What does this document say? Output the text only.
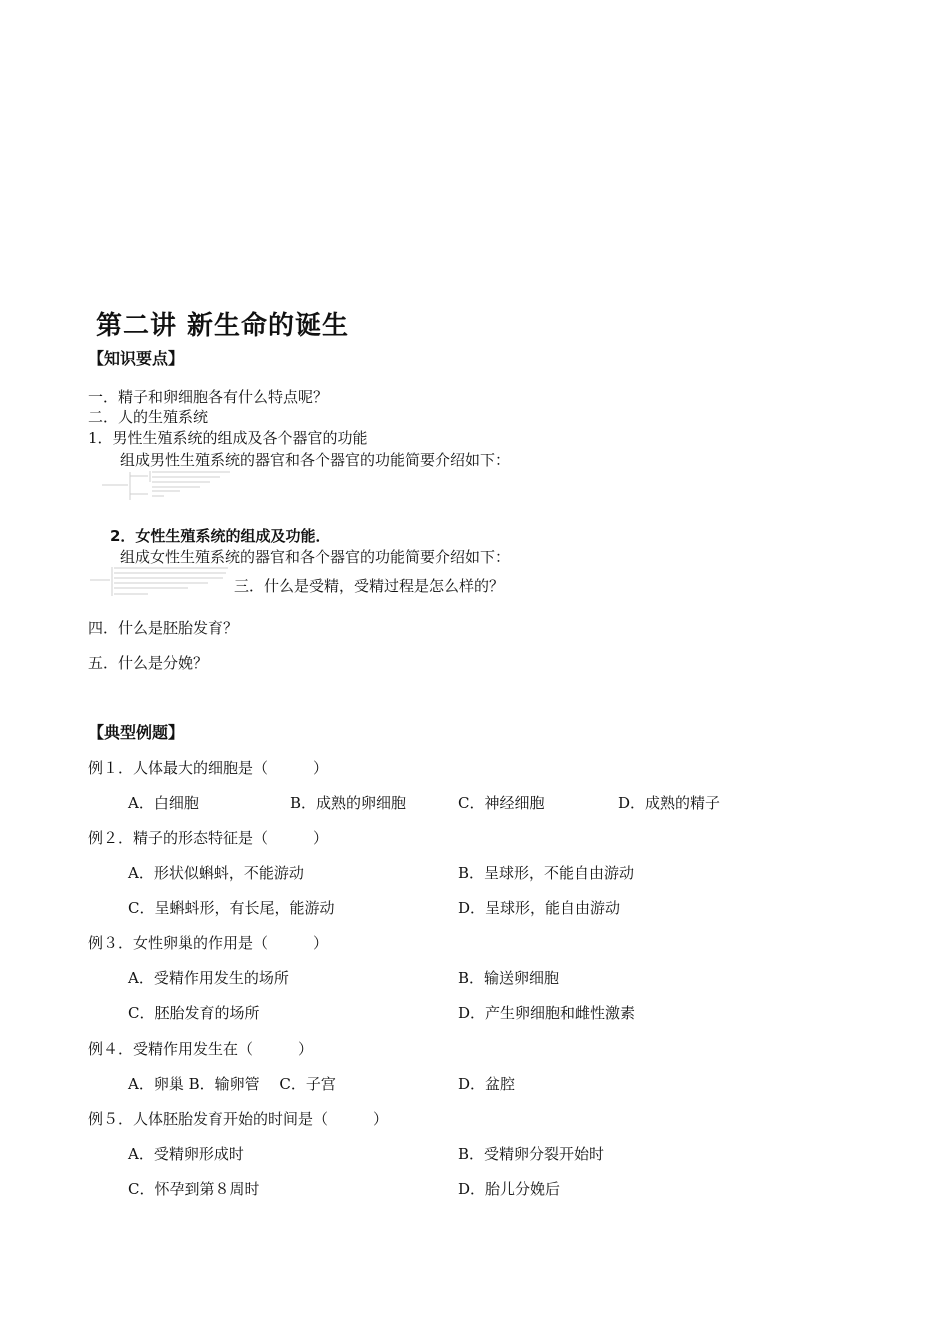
第二讲 新生命的诞生
【知识要点】
一．精子和卵细胞各有什么特点呢？
二．人的生殖系统
1．男性生殖系统的组成及各个器官的功能
组成男性生殖系统的器官和各个器官的功能简要介绍如下：
2．女性生殖系统的组成及功能．
组成女性生殖系统的器官和各个器官的功能简要介绍如下：
三．什么是受精，受精过程是怎么样的？
四．什么是胚胎发育？
五．什么是分娩？
【典型例题】
例１．人体最大的细胞是（　　　）
A．白细胞	B．成熟的卵细胞	C．神经细胞	D．成熟的精子
例２．精子的形态特征是（　　　）
A．形状似蝌蚪，不能游动	B．呈球形，不能自由游动
C．呈蝌蚪形，有长尾，能游动	D．呈球形，能自由游动
例３．女性卵巢的作用是（　　　）
A．受精作用发生的场所	B．输送卵细胞
C．胚胎发育的场所	D．产生卵细胞和雌性激素
例４．受精作用发生在（　　　）
A．卵巢 B．输卵管　 C．子宫	D．盆腔
例５．人体胚胎发育开始的时间是（　　　）
A．受精卵形成时	B．受精卵分裂开始时
C．怀孕到第８周时	D．胎儿分娩后
